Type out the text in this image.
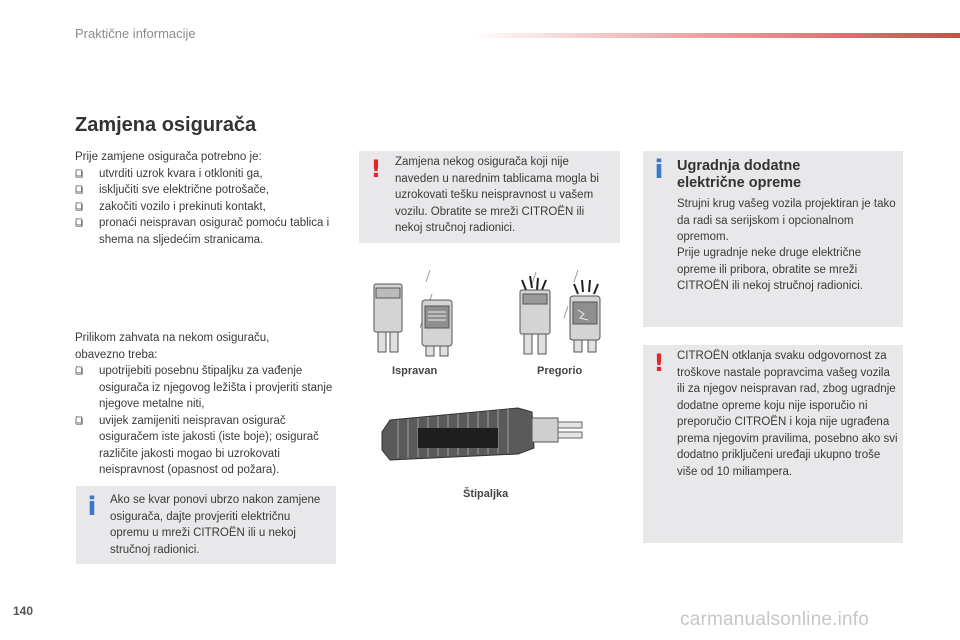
Praktične informacije
Zamjena osigurača
Prije zamjene osigurača potrebno je:
❑ utvrditi uzrok kvara i otkloniti ga,
❑ isključiti sve električne potrošače,
❑ zakočiti vozilo i prekinuti kontakt,
❑ pronaći neispravan osigurač pomoću tablica i shema na sljedećim stranicama.
Prilikom zahvata na nekom osiguraču,
obavezno treba:
❑ upotrijebiti posebnu štipaljku za vađenje osigurača iz njegovog ležišta i provjeriti stanje njegove metalne niti,
❑ uvijek zamijeniti neispravan osigurač osiguračem iste jakosti (iste boje); osigurač različite jakosti mogao bi uzrokovati neispravnost (opasnost od požara).
i Ako se kvar ponovi ubrzo nakon zamjene osigurača, dajte provjeriti električnu opremu u mreži CITROËN ili u nekoj stručnoj radionici.

! Zamjena nekog osigurača koji nije naveden u narednim tablicama mogla bi uzrokovati tešku neispravnost u vašem vozilu. Obratite se mreži CITROËN ili nekoj stručnoj radionici.

Ispravan	Pregorio
Štipaljka
i Ugradnja dodatne
električne opreme

Strujni krug vašeg vozila projektiran je tako da radi sa serijskom i opcionalnom opremom.

Prije ugradnje neke druge električne opreme ili pribora, obratite se mreži CITROËN ili nekoj stručnoj radionici.

! CITROËN otklanja svaku odgovornost za troškove nastale popravcima vašeg vozila ili za njegov neispravan rad, zbog ugradnje dodatne opreme koju nije isporučio ni preporučio CITROËN i koja nije ugrađena prema njegovim pravilima, posebno ako svi dodatno priključeni uređaji ukupno troše više od 10 miliampera.

140	carmanualsonline.info
